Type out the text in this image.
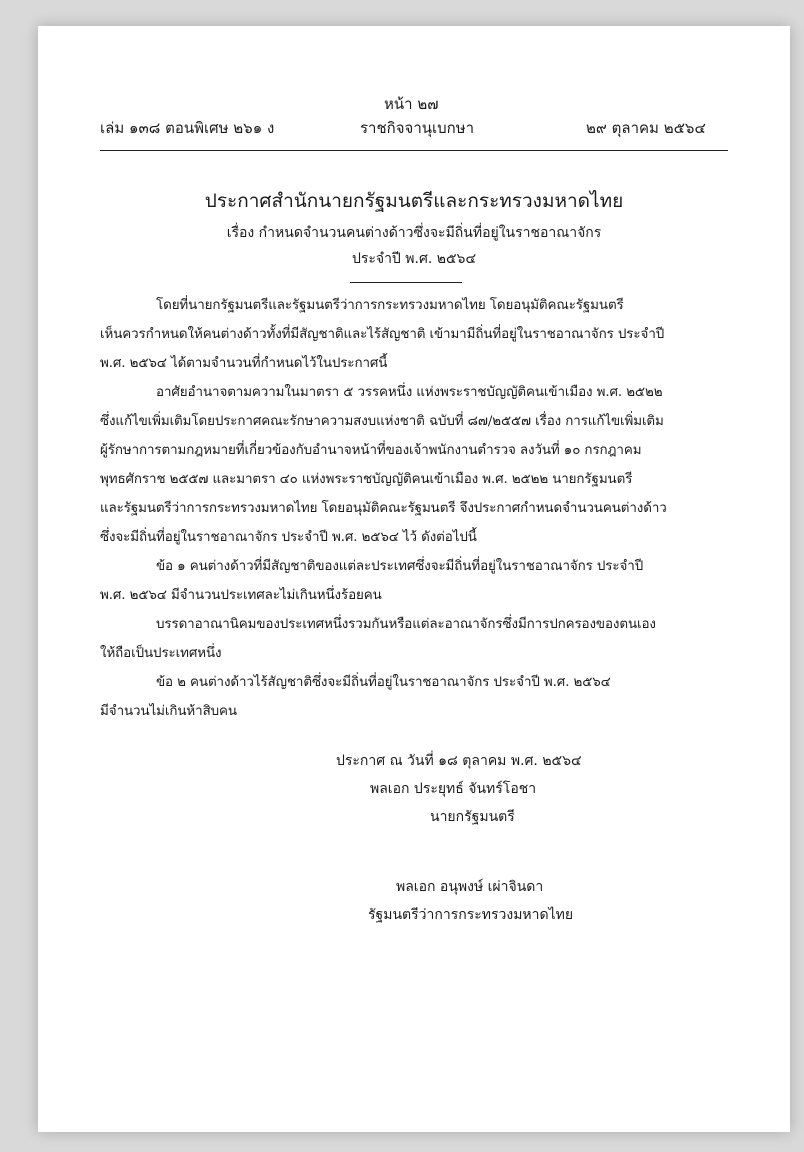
หน้า ๒๗
เล่ม ๑๓๘ ตอนพิเศษ ๒๖๑ ง	ราชกิจจานุเบกษา	๒๙ ตุลาคม ๒๕๖๔
ประกาศสำนักนายกรัฐมนตรีและกระทรวงมหาดไทย
เรื่อง กำหนดจำนวนคนต่างด้าวซึ่งจะมีถิ่นที่อยู่ในราชอาณาจักร
ประจำปี พ.ศ. ๒๕๖๔
โดยที่นายกรัฐมนตรีและรัฐมนตรีว่าการกระทรวงมหาดไทย โดยอนุมัติคณะรัฐมนตรี
เห็นควรกำหนดให้คนต่างด้าวทั้งที่มีสัญชาติและไร้สัญชาติ เข้ามามีถิ่นที่อยู่ในราชอาณาจักร ประจำปี
พ.ศ. ๒๕๖๔ ได้ตามจำนวนที่กำหนดไว้ในประกาศนี้
อาศัยอำนาจตามความในมาตรา ๕ วรรคหนึ่ง แห่งพระราชบัญญัติคนเข้าเมือง พ.ศ. ๒๕๒๒
ซึ่งแก้ไขเพิ่มเติมโดยประกาศคณะรักษาความสงบแห่งชาติ ฉบับที่ ๘๗/๒๕๕๗ เรื่อง การแก้ไขเพิ่มเติม
ผู้รักษาการตามกฎหมายที่เกี่ยวข้องกับอำนาจหน้าที่ของเจ้าพนักงานตำรวจ ลงวันที่ ๑๐ กรกฎาคม
พุทธศักราช ๒๕๕๗ และมาตรา ๔๐ แห่งพระราชบัญญัติคนเข้าเมือง พ.ศ. ๒๕๒๒ นายกรัฐมนตรี
และรัฐมนตรีว่าการกระทรวงมหาดไทย โดยอนุมัติคณะรัฐมนตรี จึงประกาศกำหนดจำนวนคนต่างด้าว
ซึ่งจะมีถิ่นที่อยู่ในราชอาณาจักร ประจำปี พ.ศ. ๒๕๖๔ ไว้ ดังต่อไปนี้
ข้อ ๑ คนต่างด้าวที่มีสัญชาติของแต่ละประเทศซึ่งจะมีถิ่นที่อยู่ในราชอาณาจักร ประจำปี
พ.ศ. ๒๕๖๔ มีจำนวนประเทศละไม่เกินหนึ่งร้อยคน
บรรดาอาณานิคมของประเทศหนึ่งรวมกันหรือแต่ละอาณาจักรซึ่งมีการปกครองของตนเอง
ให้ถือเป็นประเทศหนึ่ง
ข้อ ๒ คนต่างด้าวไร้สัญชาติซึ่งจะมีถิ่นที่อยู่ในราชอาณาจักร ประจำปี พ.ศ. ๒๕๖๔
มีจำนวนไม่เกินห้าสิบคน
ประกาศ ณ วันที่ ๑๘ ตุลาคม พ.ศ. ๒๕๖๔
พลเอก ประยุทธ์ จันทร์โอชา
นายกรัฐมนตรี
พลเอก อนุพงษ์ เผ่าจินดา
รัฐมนตรีว่าการกระทรวงมหาดไทย
